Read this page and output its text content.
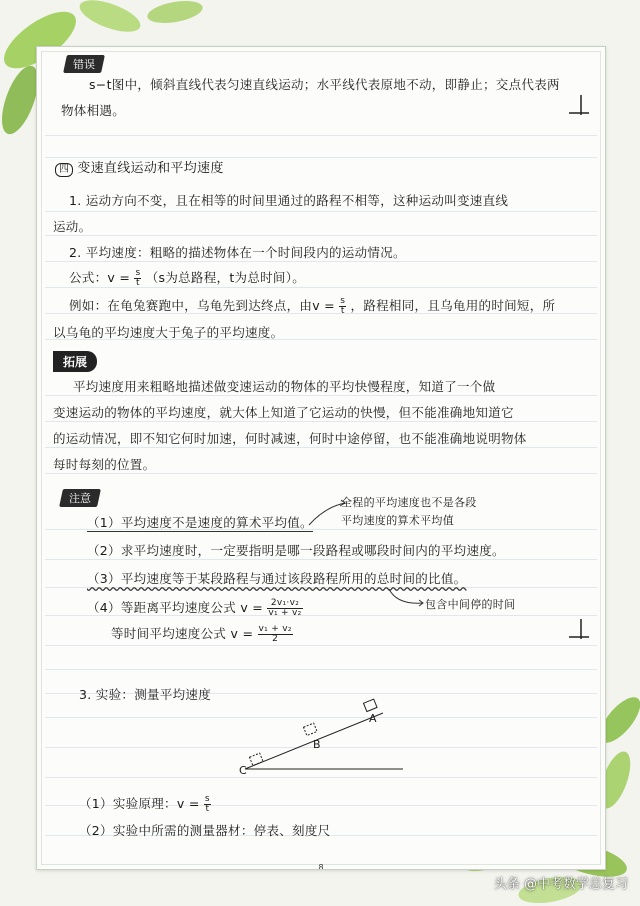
错误
s−t图中，倾斜直线代表匀速直线运动；水平线代表原地不动，即静止；交点代表两
物体相遇。
四 变速直线运动和平均速度
1. 运动方向不变，且在相等的时间里通过的路程不相等，这种运动叫变速直线
运动。
2. 平均速度：粗略的描述物体在一个时间段内的运动情况。
公式：$v = \frac{s}{t} (s$为总路程，t为总时间）。
例如：在龟兔赛跑中，乌龟先到达终点，由$v = \frac{s}{t}$ ，路程相同，且乌龟用的时间短，所
以乌龟的平均速度大于兔子的平均速度。
拓展
平均速度用来粗略地描述做变速运动的物体的平均快慢程度，知道了一个做
变速运动的物体的平均速度，就大体上知道了它运动的快慢，但不能准确地知道它
的运动情况，即不知它何时加速，何时减速，何时中途停留，也不能准确地说明物体
每时每刻的位置。
注意
（1）平均速度不是速度的算术平均值。
全程的平均速度也不是各段
平均速度的算术平均值
（2）求平均速度时，一定要指明是哪一段路程或哪段时间内的平均速度。
（3）平均速度等于某段路程与通过该段路程所用的总时间的比值。
（4）等距离平均速度公式 $v = \frac{\text{2v₁·v₂}}{\text{v₁ + v₂}}$	包含中间停的时间
等时间平均速度公式 $v = \frac{\text{v₁ + v₂}}{2}$
3. 实验：测量平均速度
A
B
C
（1）实验原理：$v = \frac{s}{t}$
（2）实验中所需的测量器材：停表、刻度尺
8
头条 @中考数学总复习
